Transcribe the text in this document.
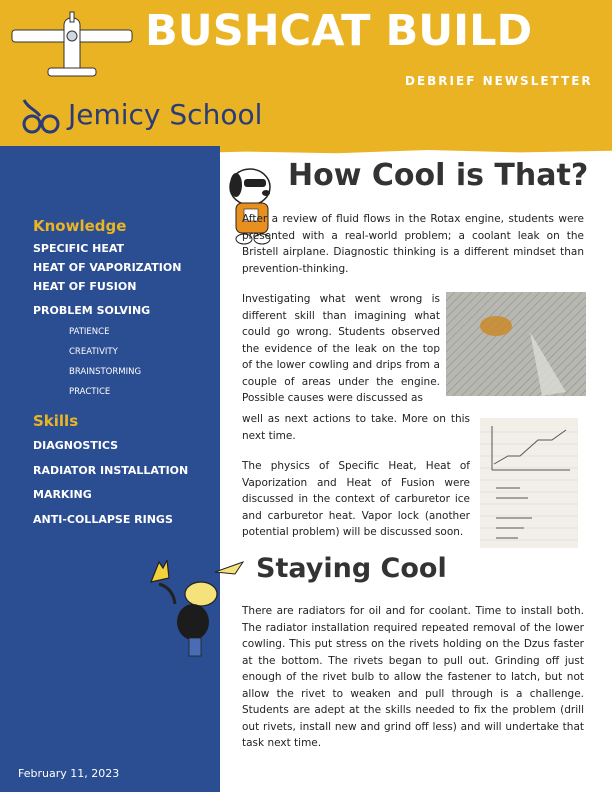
BUSHCAT BUILD
DEBRIEF NEWSLETTER
Jemicy School
Knowledge
SPECIFIC HEAT
HEAT OF VAPORIZATION
HEAT OF FUSION
PROBLEM SOLVING
PATIENCE
CREATIVITY
BRAINSTORMING
PRACTICE
Skills
DIAGNOSTICS
RADIATOR INSTALLATION
MARKING
ANTI-COLLAPSE RINGS
February 11, 2023
How Cool is That?
After a review of fluid flows in the Rotax engine, students were presented with a real-world problem; a coolant leak on the Bristell airplane. Diagnostic thinking is a different mindset than prevention-thinking.
Investigating what went wrong is different skill than imagining what could go wrong. Students observed the evidence of the leak on the top of the lower cowling and drips from a couple of areas under the engine. Possible causes were discussed as
well as next actions to take. More on this next time.
The physics of Specific Heat, Heat of Vaporization and Heat of Fusion were discussed in the context of carburetor ice and carburetor heat. Vapor lock (another potential problem) will be discussed soon.
Staying Cool
There are radiators for oil and for coolant. Time to install both. The radiator installation required repeated removal of the lower cowling. This put stress on the rivets holding on the Dzus faster at the bottom. The rivets began to pull out. Grinding off just enough of the rivet bulb to allow the fastener to latch, but not allow the rivet to weaken and pull through is a challenge. Students are adept at the skills needed to fix the problem (drill out rivets, install new and grind off less) and will undertake that task next time.
